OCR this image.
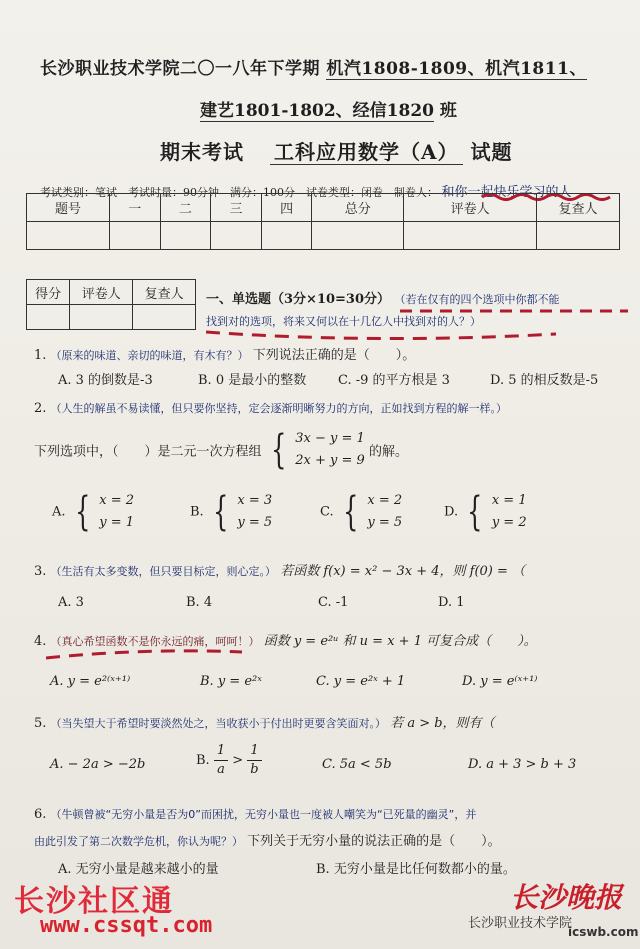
长沙职业技术学院二〇一八年下学期 机汽1808-1809、机汽1811、
建艺1801-1802、经信1820 班
期末考试 工科应用数学（A） 试题
考试类别：笔试　考试时量：90分钟　满分：100分　试卷类型：闭卷　制卷人： 和你一起快乐学习的人
题号	一	二	三	四	总分	评卷人	复查人

得分	评卷人	复查人
		一、单选题（3分×10=30分） （若在仅有的四个选项中你都不能
找到对的选项，将来又何以在十几亿人中找到对的人？）
1. （原来的味道、亲切的味道，有木有？） 下列说法正确的是（　　）。
A. 3 的倒数是-3	B. 0 是最小的整数 C. -9 的平方根是 3	D. 5 的相反数是-5
2. （人生的解虽不易读懂，但只要你坚持，定会逐渐明晰努力的方向，正如找到方程的解一样。）
下列选项中，（　　）是二元一次方程组 { 3x − y = 1
2x + y = 9
的解。
A. { x = 2
y = 1
B. { x = 3
y = 5
C. { x = 2
y = 5
D. { x = 1
y = 2
3. （生活有太多变数，但只要目标定，则心定。） 若函数 f(x) = x² − 3x + 4，则 f(0) = （　　
A. 3	B. 4	C. -1	D. 1
4. （真心希望函数不是你永远的痛，呵呵！） 函数 y = e²ᵘ 和 u = x + 1 可复合成（　　）。
A. y = e²⁽ˣ⁺¹⁾	B. y = e²ˣ	C. y = e²ˣ + 1	D. y = e⁽ˣ⁺¹⁾
5. （当失望大于希望时要淡然处之，当收获小于付出时更要含笑面对。） 若 a > b，则有（
A. − 2a > −2b	B. $\frac{1}{a} > \frac{1}{b}$	C. 5a < 5b	D. a + 3 > b + 3
6. （牛顿曾被“无穷小量是否为0”而困扰，无穷小量也一度被人嘲笑为“已死量的幽灵”，并
由此引发了第二次数学危机，你认为呢？） 下列关于无穷小量的说法正确的是（　　）。
A. 无穷小量是越来越小的量	B. 无穷小量是比任何数都小的量。
长沙社区通
www.cssqt.com	长沙职业技术学院
长沙晚报
icswb.com
